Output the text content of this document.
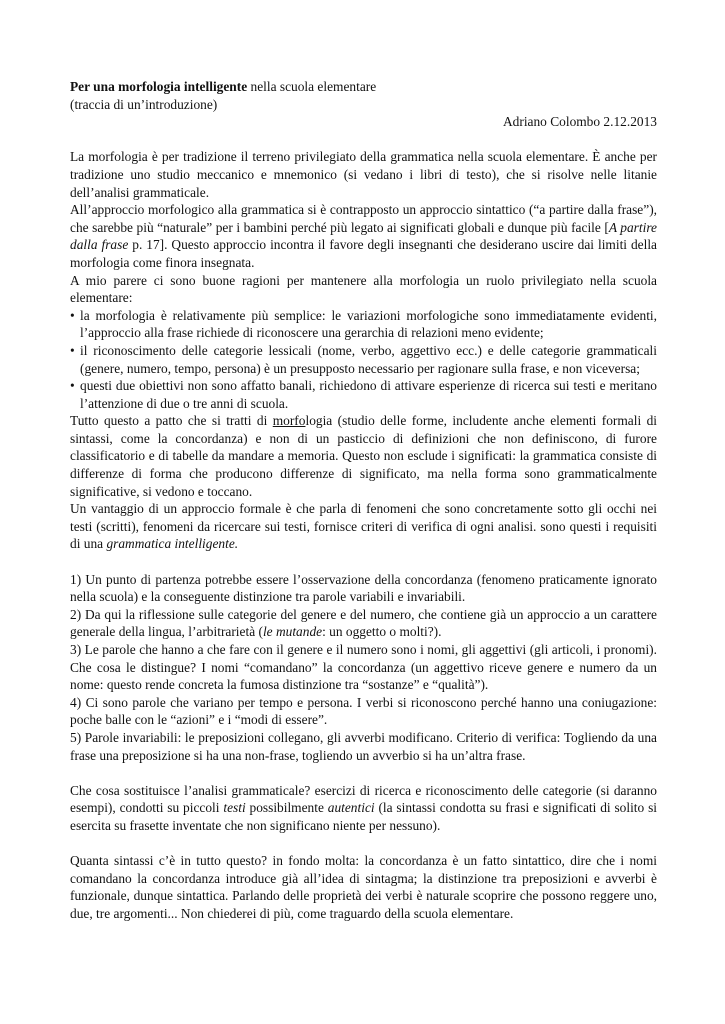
Per una morfologia intelligente nella scuola elementare

(traccia di un’introduzione)

Adriano Colombo 2.12.2013

La morfologia è per tradizione il terreno privilegiato della grammatica nella scuola elementare. È anche per tradizione uno studio meccanico e mnemonico (si vedano i libri di testo), che si risolve nelle litanie dell’analisi grammaticale.

All’approccio morfologico alla grammatica si è contrapposto un approccio sintattico (“a partire dalla frase”), che sarebbe più “naturale” per i bambini perché più legato ai significati globali e dunque più facile [A partire dalla frase p. 17]. Questo approccio incontra il favore degli insegnanti che desiderano uscire dai limiti della morfologia come finora insegnata.

A mio parere ci sono buone ragioni per mantenere alla morfologia un ruolo privilegiato nella scuola elementare:

• la morfologia è relativamente più semplice: le variazioni morfologiche sono immediatamente evidenti, l’approccio alla frase richiede di riconoscere una gerarchia di relazioni meno evidente;
• il riconoscimento delle categorie lessicali (nome, verbo, aggettivo ecc.) e delle categorie grammaticali (genere, numero, tempo, persona) è un presupposto necessario per ragionare sulla frase, e non viceversa;
• questi due obiettivi non sono affatto banali, richiedono di attivare esperienze di ricerca sui testi e meritano l’attenzione di due o tre anni di scuola.

Tutto questo a patto che si tratti di morfologia (studio delle forme, includente anche elementi formali di sintassi, come la concordanza) e non di un pasticcio di definizioni che non definiscono, di furore classificatorio e di tabelle da mandare a memoria. Questo non esclude i significati: la grammatica consiste di differenze di forma che producono differenze di significato, ma nella forma sono grammaticalmente significative, si vedono e toccano.

Un vantaggio di un approccio formale è che parla di fenomeni che sono concretamente sotto gli occhi nei testi (scritti), fenomeni da ricercare sui testi, fornisce criteri di verifica di ogni analisi. sono questi i requisiti di una grammatica intelligente.

1) Un punto di partenza potrebbe essere l’osservazione della concordanza (fenomeno praticamente ignorato nella scuola) e la conseguente distinzione tra parole variabili e invariabili.

2) Da qui la riflessione sulle categorie del genere e del numero, che contiene già un approccio a un carattere generale della lingua, l’arbitrarietà (le mutande: un oggetto o molti?).

3) Le parole che hanno a che fare con il genere e il numero sono i nomi, gli aggettivi (gli articoli, i pronomi). Che cosa le distingue? I nomi “comandano” la concordanza (un aggettivo riceve genere e numero da un nome: questo rende concreta la fumosa distinzione tra “sostanze” e “qualità”).

4) Ci sono parole che variano per tempo e persona. I verbi si riconoscono perché hanno una coniugazione: poche balle con le “azioni” e i “modi di essere”.

5) Parole invariabili: le preposizioni collegano, gli avverbi modificano. Criterio di verifica: Togliendo da una frase una preposizione si ha una non-frase, togliendo un avverbio si ha un’altra frase.

Che cosa sostituisce l’analisi grammaticale? esercizi di ricerca e riconoscimento delle categorie (si daranno esempi), condotti su piccoli testi possibilmente autentici (la sintassi condotta su frasi e significati di solito si esercita su frasette inventate che non significano niente per nessuno).

Quanta sintassi c’è in tutto questo? in fondo molta: la concordanza è un fatto sintattico, dire che i nomi comandano la concordanza introduce già all’idea di sintagma; la distinzione tra preposizioni e avverbi è funzionale, dunque sintattica. Parlando delle proprietà dei verbi è naturale scoprire che possono reggere uno, due, tre argomenti... Non chiederei di più, come traguardo della scuola elementare.
